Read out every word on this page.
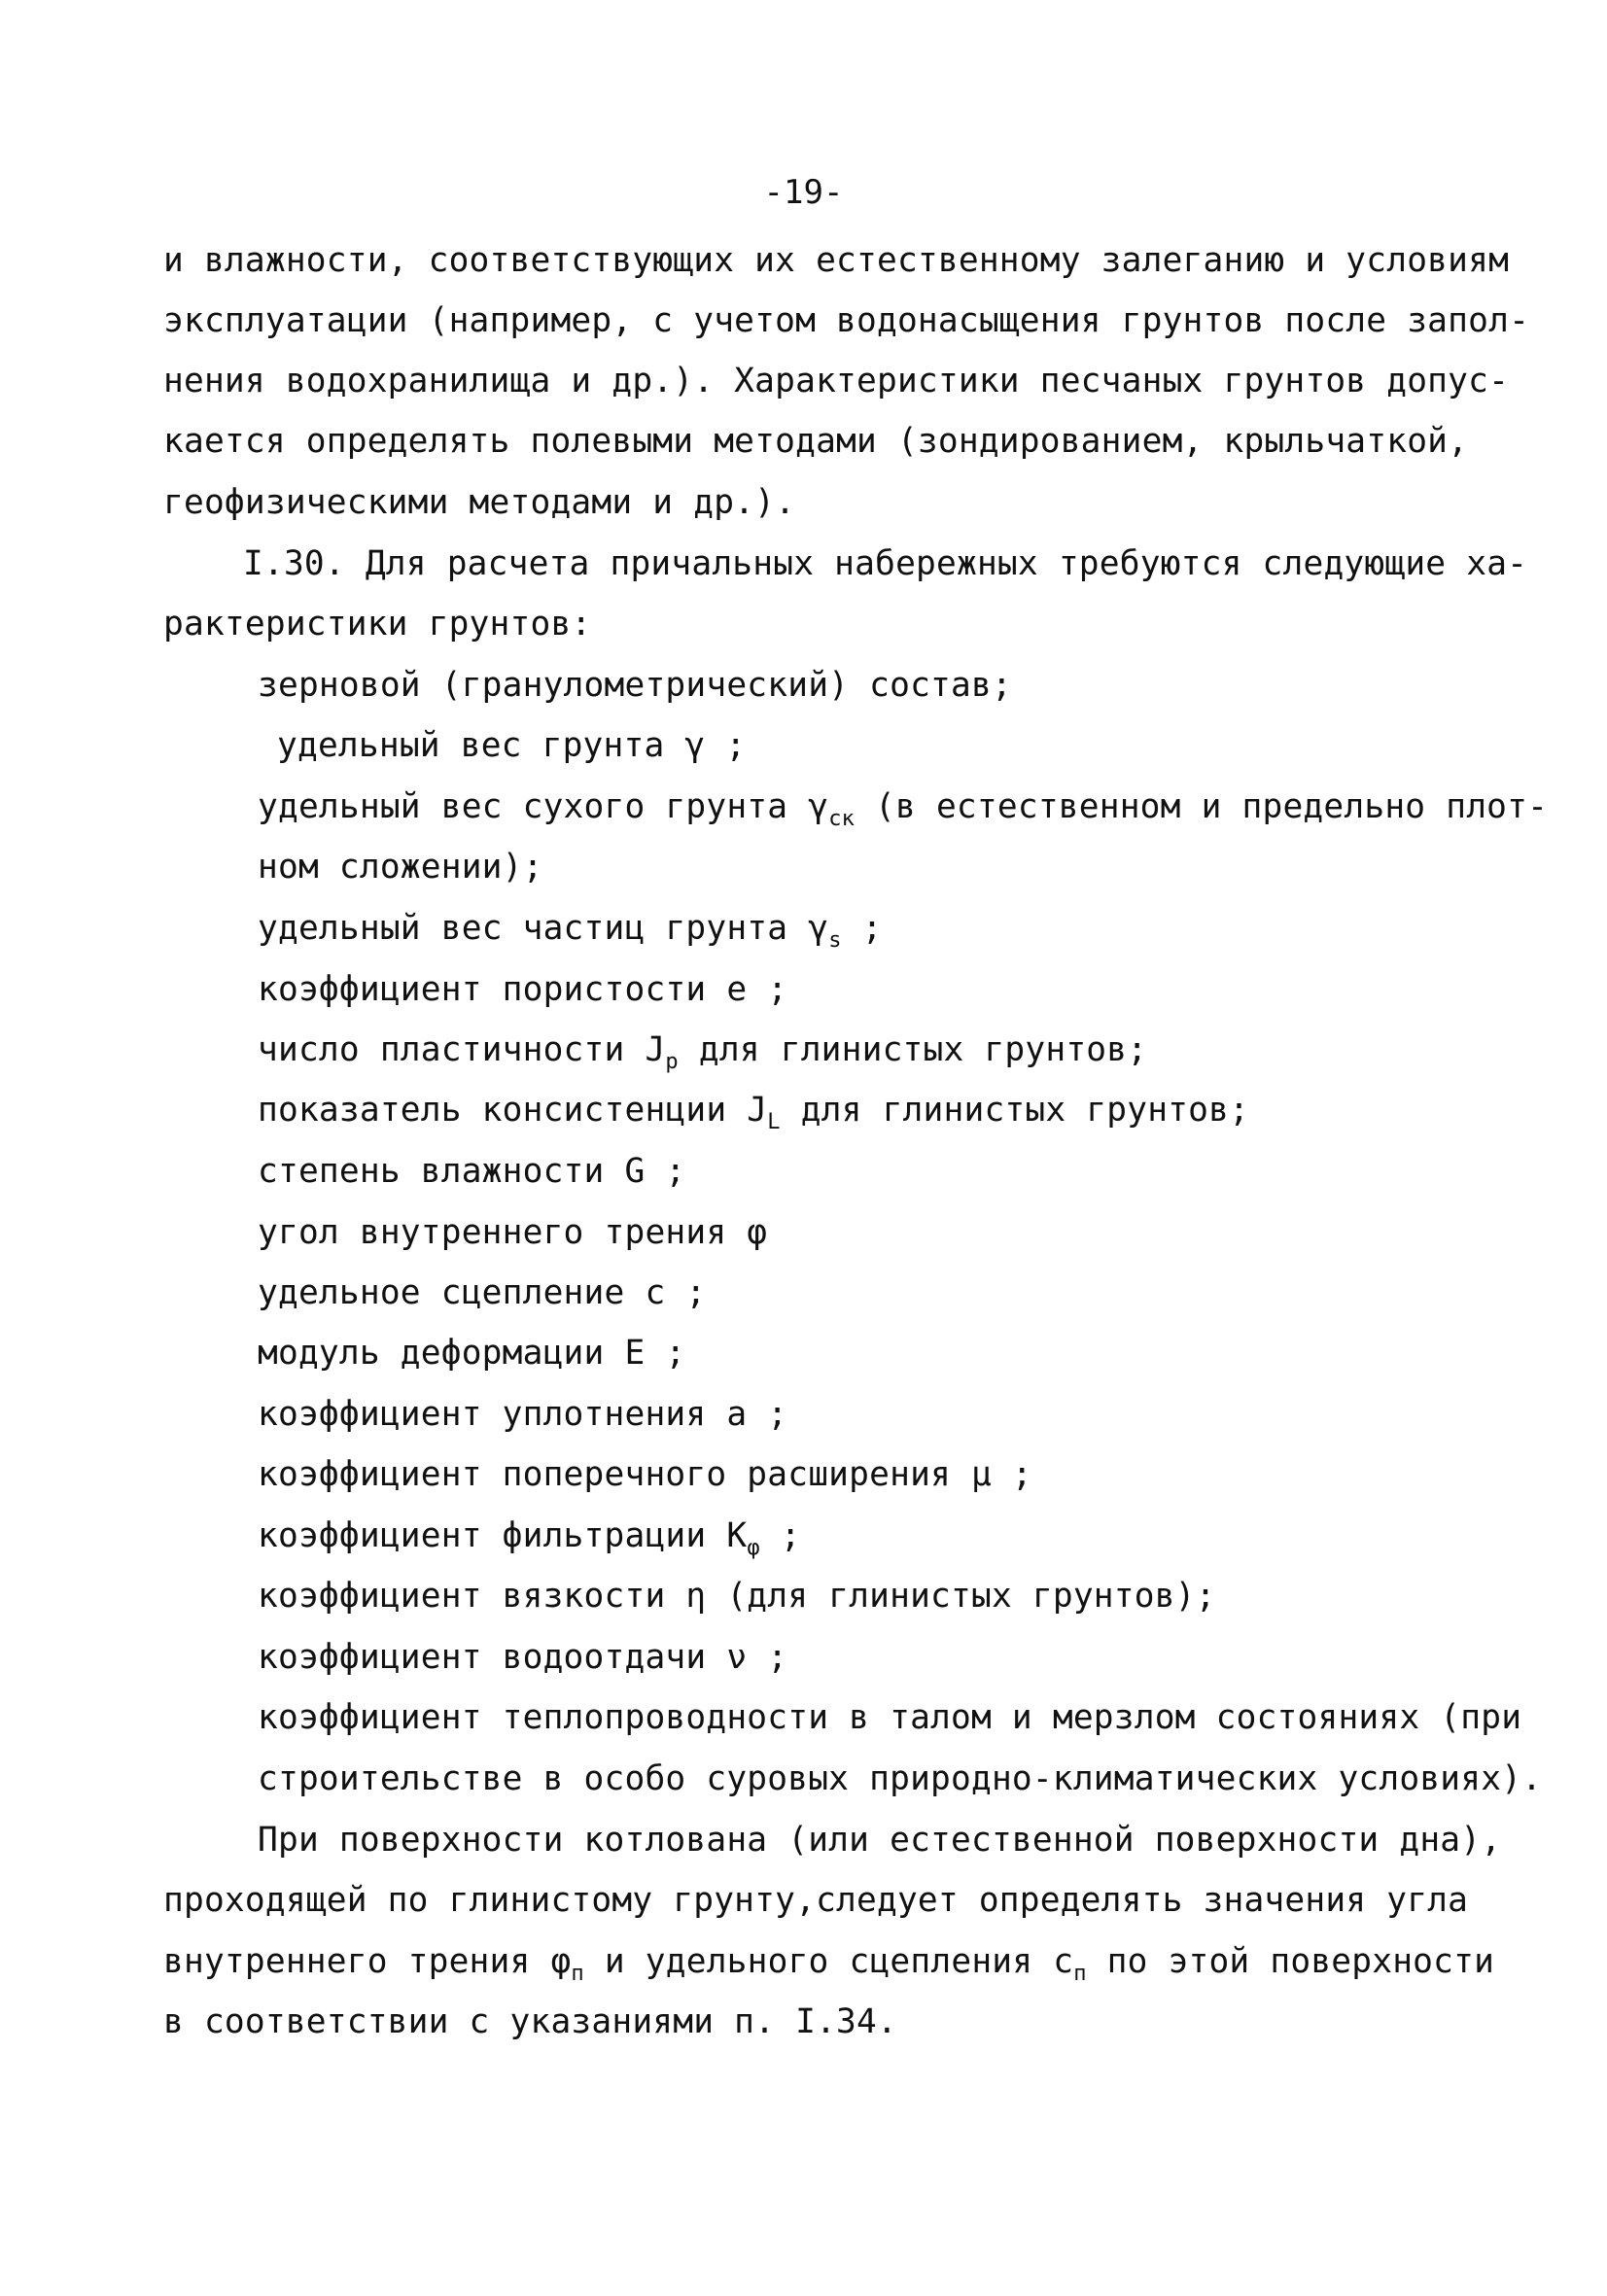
-19-
и влажности, соответствующих их естественному залеганию и условиям
эксплуатации (например, с учетом водонасыщения грунтов после запол-
нения водохранилища и др.). Характеристики песчаных грунтов допус-
кается определять полевыми методами (зондированием, крыльчаткой,
геофизическими методами и др.).
I.30. Для расчета причальных набережных требуются следующие ха-
рактеристики грунтов:
зерновой (гранулометрический) состав;
удельный вес грунта γ ;
удельный вес сухого грунта $\gamma_{ск}$ (в естественном и предельно плот-
ном сложении);
удельный вес частиц грунта $\gamma_s$ ;
коэффициент пористости e ;
число пластичности $J_p$ для глинистых грунтов;
показатель консистенции $J_L$ для глинистых грунтов;
степень влажности G ;
угол внутреннего трения φ
удельное сцепление c ;
модуль деформации E ;
коэффициент уплотнения a ;
коэффициент поперечного расширения μ ;
коэффициент фильтрации $K_\varphi$ ;
коэффициент вязкости η (для глинистых грунтов);
коэффициент водоотдачи ν ;
коэффициент теплопроводности в талом и мерзлом состояниях (при
строительстве в особо суровых природно-климатических условиях).
При поверхности котлована (или естественной поверхности дна),
проходящей по глинистому грунту,следует определять значения угла
внутреннего трения $\varphi_п$ и удельного сцепления $c_п$ по этой поверхности
в соответствии с указаниями п. I.34.
